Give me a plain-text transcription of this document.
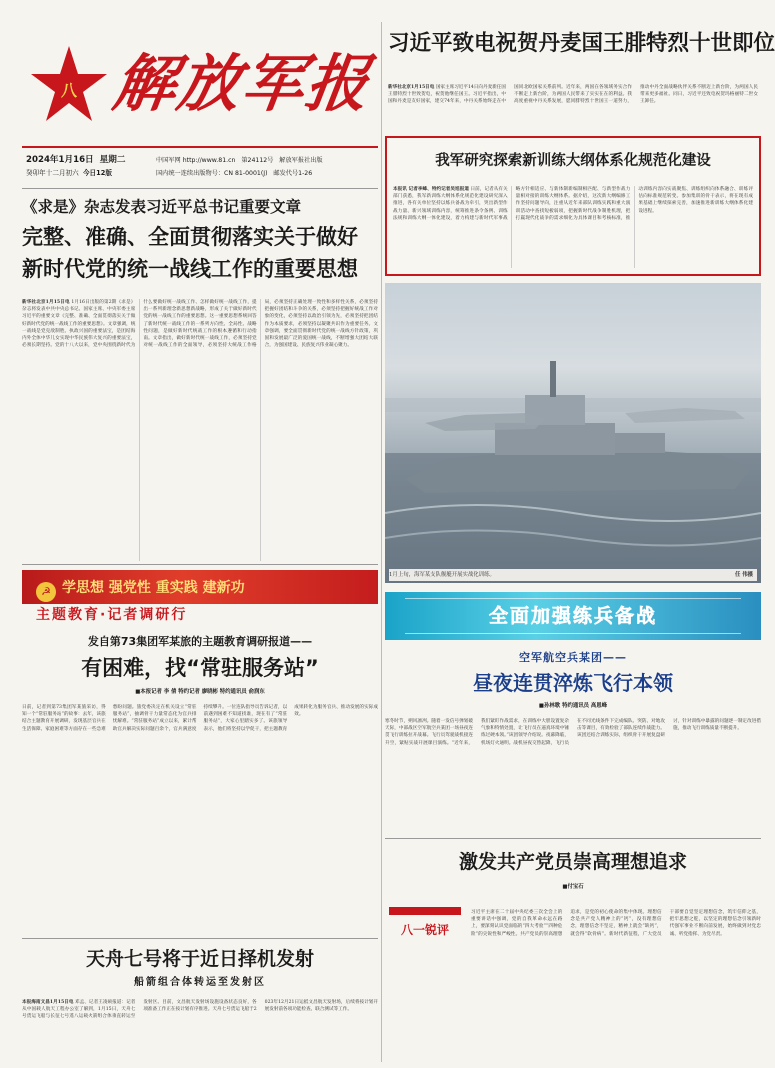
八 解放军报
2024年1月16日 星期二
癸卯年十二月初六 今日12版
中国军网 http://www.81.cn 第24112号 解放军报社出版
国内统一连续出版物号：CN 81-0001(J) 邮发代号1-26
习近平致电祝贺丹麦国王腓特烈十世即位
新华社北京1月15日电 国家主席习近平14日向丹麦新任国王腓特烈十世致贺电，祝贺他继任国王。习近平指出，中国和丹麦是友好国家，建交74年来，中丹关系始终走在中国同北欧国家关系前列。近年来，两国在各领域务实合作不断走上新台阶，为两国人民带来了实实在在的利益。我高度重视中丹关系发展，愿同腓特烈十世国王一道努力，推动中丹全面战略伙伴关系不断迈上新台阶，为两国人民带来更多福祉。同日，习近平还致电祝贺玛格丽特二世女王卸任。
我军研究探索新训练大纲体系化规范化建设
本报讯 记者李蜂、特约记者吴旭报道 日前，记者从有关部门获悉，我军新训练大纲体系化规范化建设研究深入推进，各有关单位坚持以练兵备战为牵引，突出新型作战力量、新兴领域训练内容，统筹推进条令条例、训练法规和训练大纲一体化建设，着力构建与新时代军事战略方针相适应、与新体制新编制相匹配、与新型作战力量相对接的训练大纲体系。据介绍，这次新大纲编修工作坚持问题导向，注重从近年来部队训练实践和重大演训活动中查找短板弱项，把握新时代战争制胜机理，把打赢现代化战争的需求细化为具体课目和考核标准，推动训练内容向实战聚焦、训练组织向体系融合、训练评估向标准规范转变。参加集训的骨干表示，将在现有成果基础上继续探索完善，加速推进新训练大纲体系化建设进程。
《求是》杂志发表习近平总书记重要文章
完整、准确、全面贯彻落实关于做好新时代党的统一战线工作的重要思想
新华社北京1月15日电 1月16日出版的第2期《求是》杂志将发表中共中央总书记、国家主席、中央军委主席习近平的重要文章《完整、准确、全面贯彻落实关于做好新时代党的统一战线工作的重要思想》。文章强调，统一战线是党克敌制胜、执政兴国的重要法宝，是团结海内外全体中华儿女实现中华民族伟大复兴的重要法宝，必须长期坚持。党的十八大以来，党中央围绕新时代为什么要做好统一战线工作、怎样做好统一战线工作，提出一系列新理念新思想新战略，形成了关于做好新时代党的统一战线工作的重要思想。这一重要思想系统回答了新时代统一战线工作的一系列方向性、全局性、战略性问题，是做好新时代统战工作的根本遵循和行动指南。文章指出，做好新时代统一战线工作，必须坚持党对统一战线工作的全面领导，必须坚持大统战工作格局，必须坚持正确处理一致性和多样性关系，必须坚持把握好团结和斗争的关系，必须坚持把握好统战工作对象的变化，必须坚持以政治引领为先，必须坚持把团结作为本质要求，必须坚持以凝聚共识作为重要任务。文章强调，要全面贯彻新时代党的统一战线方针政策，巩固和发展最广泛的爱国统一战线，不断增强大团结大联合，为强国建设、民族复兴伟业凝心聚力。
1月上旬，海军某支队舰艇开展实战化训练。	任 伟摄
全面加强练兵备战
空军航空兵某团——
昼夜连贯淬炼飞行本领
■孙林歌 特约通讯员 高恩峰
寒冬时节，朔风凛冽。随着一发信号弹划破天际，中部战区空军航空兵某团一场昼夜连贯飞行训练拉开战幕。飞行员驾驶战机接连升空，紧贴实战开展课目演练。“近年来，我们紧盯作战需求，在训练中大胆设置复杂气象和特情处置，让飞行员在逼真环境中锤炼过硬本领。”该团领导介绍说。夜幕降临，机场灯火通明。战机昼夜交替起降，飞行员在不同光线条件下完成编队、突防、对地攻击等课目，有效检验了部队连续作战能力。该团还结合训练实际，组织骨干开展复盘研讨，针对训练中暴露的问题逐一制定改进措施，推动飞行训练质量不断提升。
☭ 学思想 强党性 重实践 建新功
主题教育·记者调研行
发自第73集团军某旅的主题教育调研报道——
有困难，找“常驻服务站”
■本报记者 李 倩 特约记者 廖晓彬 特约通讯员 俞润东
日前，记者到第73集团军某旅采访，得知一个“常驻服务站”的故事：去年，该旅结合主题教育开展调研，发现基层官兵在生活保障、家庭困难等方面存在一些急难愁盼问题。旅党委决定在机关设立“常驻服务站”，抽调骨干力量常态化为官兵排忧解难。“常驻服务站”成立以来，累计帮助官兵解决实际问题百余个，官兵满意度持续攀升。一位连队指导员告诉记者，以前遇到困难不知道找谁，现在有了“常驻服务站”，大家心里踏实多了。该旅领导表示，他们将坚持以学促干，把主题教育成果转化为服务官兵、推动发展的实际成效。
天舟七号将于近日择机发射
船箭组合体转运至发射区
本报海南文昌1月15日电 邓孟、记者王凌硕报道：记者从中国载人航天工程办公室了解到，1月15日，天舟七号货运飞船与长征七号遥八运载火箭组合体垂直转运至发射区。目前，文昌航天发射场设施设备状态良好，各项准备工作正在按计划有序推进。天舟七号货运飞船于2023年12月21日运抵文昌航天发射场，后续将按计划开展发射前各项功能检查、联合测试等工作。
激发共产党员崇高理想追求
■付宝石
八一锐评
习近平主席在二十届中央纪委三次全会上的重要讲话中强调，党的自我革命永远在路上，要深刻认识党面临的“四大考验”“四种危险”的尖锐性和严峻性。共产党员的崇高理想追求，是党的初心使命的集中体现。理想信念是共产党人精神上的“钙”，没有理想信念，理想信念不坚定，精神上就会“缺钙”，就会得“软骨病”。新时代新征程，广大党员干部要自觉坚定理想信念，筑牢信仰之基，把牢思想之舵，以坚定的理想信念引领新时代强军事业不断向前发展，始终做到对党忠诚、听党指挥、为党尽责。
